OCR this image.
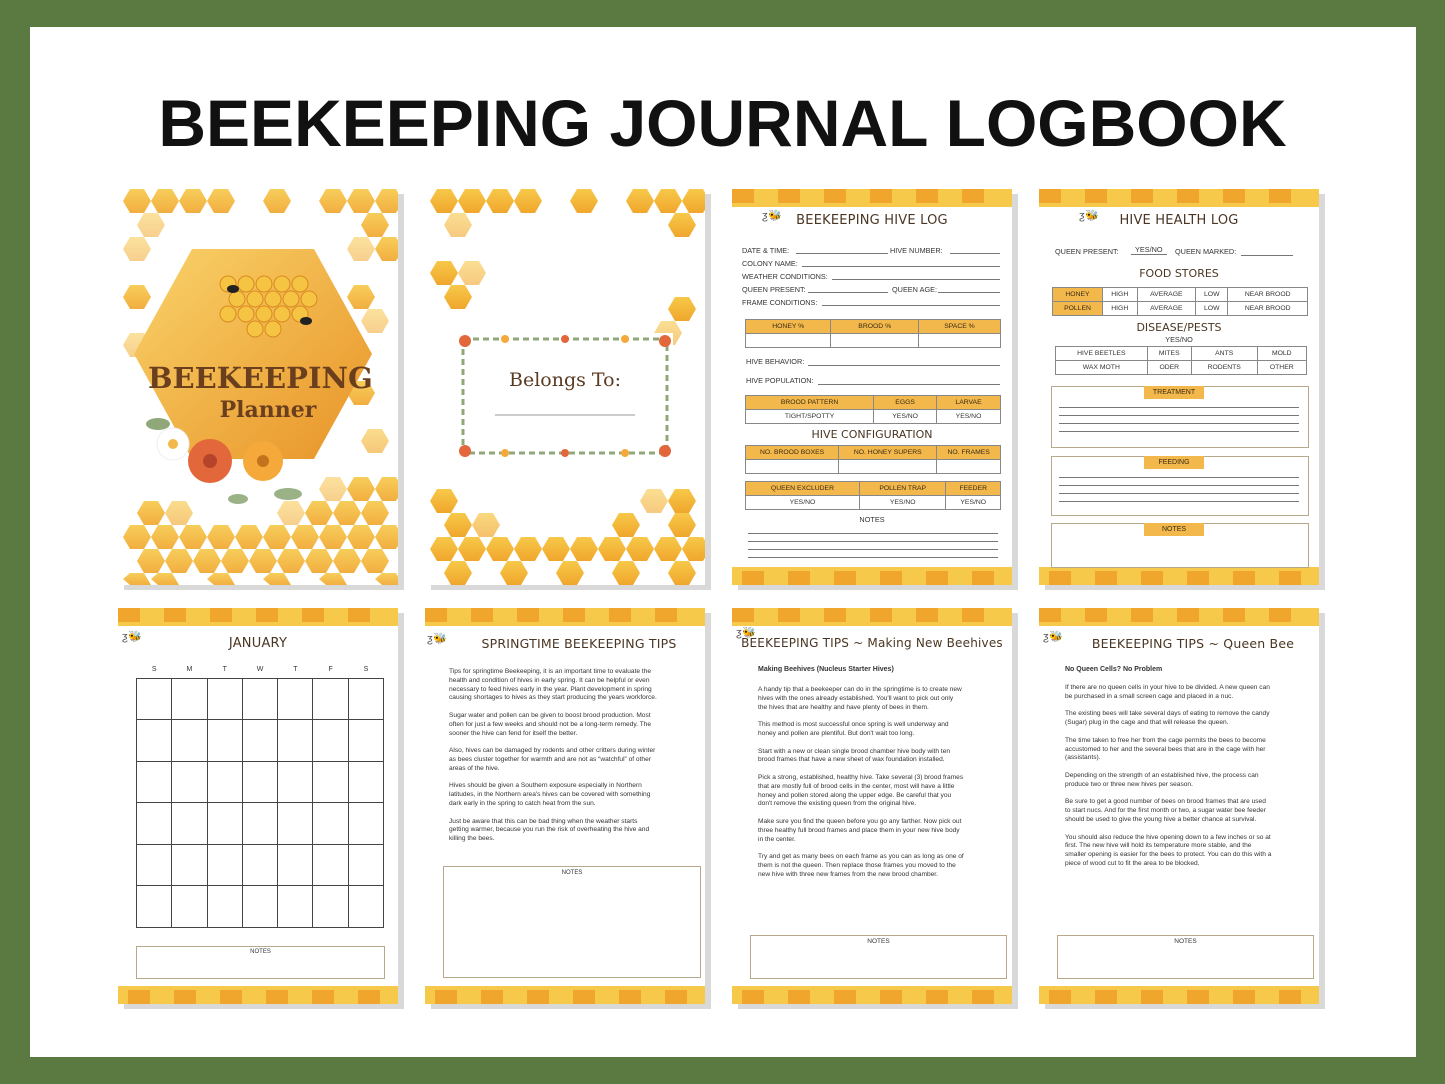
BEEKEEPING JOURNAL LOGBOOK
BEEKEEPING
Planner
Belongs To:
ƺ🐝	BEEKEEPING HIVE LOG
DATE & TIME:	HIVE NUMBER:
COLONY NAME:
WEATHER CONDITIONS:
QUEEN PRESENT:	QUEEN AGE:
FRAME CONDITIONS:
HONEY %	BROOD %	SPACE %

HIVE BEHAVIOR:
HIVE POPULATION:
BROOD PATTERN	EGGS	LARVAE
TIGHT/SPOTTY	YES/NO	YES/NO
HIVE CONFIGURATION
NO. BROOD BOXES	NO. HONEY SUPERS	NO. FRAMES

QUEEN EXCLUDER	POLLEN TRAP	FEEDER
YES/NO	YES/NO	YES/NO
NOTES
ƺ🐝	HIVE HEALTH LOG
QUEEN PRESENT:	YES/NO	QUEEN MARKED:
FOOD STORES
HONEY	HIGH	AVERAGE	LOW	NEAR BROOD
POLLEN	HIGH	AVERAGE	LOW	NEAR BROOD
DISEASE/PESTS
YES/NO
HIVE BEETLES	MITES	ANTS	MOLD
WAX MOTH	ODER	RODENTS	OTHER
TREATMENT
FEEDING
NOTES
ƺ🐝	JANUARY
S	M	T	W	T	F	S

NOTES
ƺ🐝	SPRINGTIME BEEKEEPING TIPS
Tips for springtime Beekeeping, it is an important time to evaluate the
health and condition of hives in early spring. It can be helpful or even
necessary to feed hives early in the year. Plant development in spring
causing shortages to hives as they start producing the years workforce.

Sugar water and pollen can be given to boost brood production. Most
often for just a few weeks and should not be a long-term remedy. The
sooner the hive can fend for itself the better.

Also, hives can be damaged by rodents and other critters during winter
as bees cluster together for warmth and are not as “watchful” of other
areas of the hive.

Hives should be given a Southern exposure especially in Northern
latitudes, in the Northern area's hives can be covered with something
dark early in the spring to catch heat from the sun.

Just be aware that this can be bad thing when the weather starts
getting warmer, because you run the risk of overheating the hive and
killing the bees.
NOTES
ƺ🐝
BEEKEEPING TIPS ~ Making New Beehives
Making Beehives (Nucleus Starter Hives)
A handy tip that a beekeeper can do in the springtime is to create new
hives with the ones already established. You'll want to pick out only
the hives that are healthy and have plenty of bees in them.

This method is most successful once spring is well underway and
honey and pollen are plentiful. But don't wait too long.

Start with a new or clean single brood chamber hive body with ten
brood frames that have a new sheet of wax foundation installed.

Pick a strong, established, healthy hive. Take several (3) brood frames
that are mostly full of brood cells in the center, most will have a little
honey and pollen stored along the upper edge. Be careful that you
don't remove the existing queen from the original hive.

Make sure you find the queen before you go any farther. Now pick out
three healthy full brood frames and place them in your new hive body
in the center.

Try and get as many bees on each frame as you can as long as one of
them is not the queen. Then replace those frames you moved to the
new hive with three new frames from the new brood chamber.
NOTES
ƺ🐝	BEEKEEPING TIPS ~ Queen Bee
No Queen Cells? No Problem
If there are no queen cells in your hive to be divided. A new queen can
be purchased in a small screen cage and placed in a nuc.

The existing bees will take several days of eating to remove the candy
(Sugar) plug in the cage and that will release the queen.

The time taken to free her from the cage permits the bees to become
accustomed to her and the several bees that are in the cage with her
(assistants).

Depending on the strength of an established hive, the process can
produce two or three new hives per season.

Be sure to get a good number of bees on brood frames that are used
to start nucs. And for the first month or two, a sugar water bee feeder
should be used to give the young hive a better chance at survival.

You should also reduce the hive opening down to a few inches or so at
first. The new hive will hold its temperature more stable, and the
smaller opening is easier for the bees to protect. You can do this with a
piece of wood cut to fit the area to be blocked.
NOTES
